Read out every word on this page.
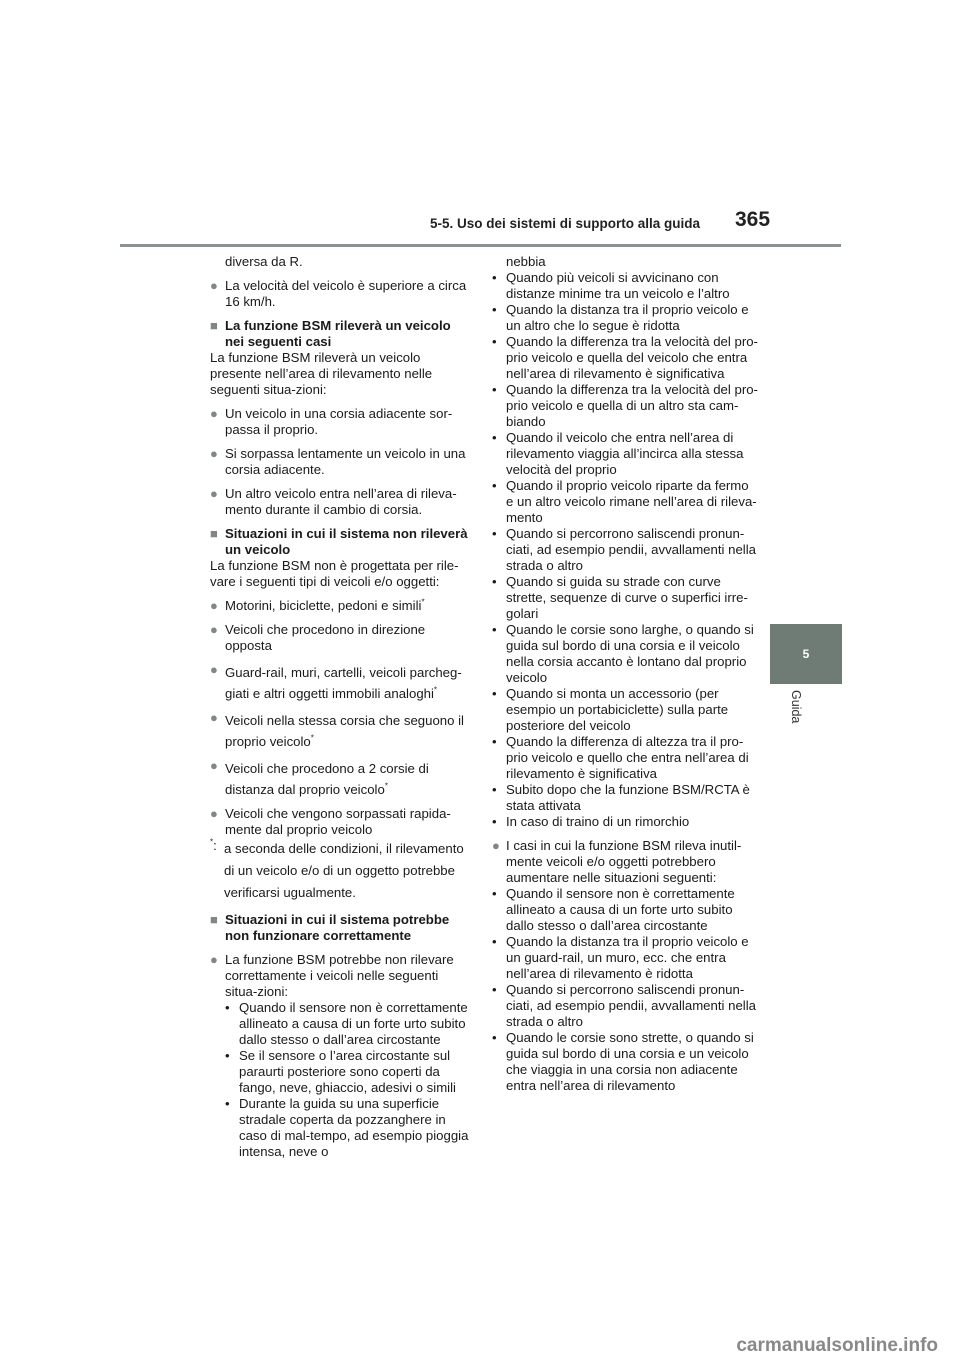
5-5. Uso dei sistemi di supporto alla guida 365
5
Guida
diversa da R.
● La velocità del veicolo è superiore a circa 16 km/h.
■ La funzione BSM rileverà un veicolo nei seguenti casi
La funzione BSM rileverà un veicolo presente nell’area di rilevamento nelle seguenti situa-zioni:
● Un veicolo in una corsia adiacente sor-passa il proprio.
● Si sorpassa lentamente un veicolo in una corsia adiacente.
● Un altro veicolo entra nell’area di rileva-mento durante il cambio di corsia.
■ Situazioni in cui il sistema non rileverà un veicolo
La funzione BSM non è progettata per rile-vare i seguenti tipi di veicoli e/o oggetti:
● Motorini, biciclette, pedoni e simili*
● Veicoli che procedono in direzione opposta
● Guard-rail, muri, cartelli, veicoli parcheg-giati e altri oggetti immobili analoghi*
● Veicoli nella stessa corsia che seguono il proprio veicolo*
● Veicoli che procedono a 2 corsie di distanza dal proprio veicolo*
● Veicoli che vengono sorpassati rapida-mente dal proprio veicolo
*: a seconda delle condizioni, il rilevamento di un veicolo e/o di un oggetto potrebbe verificarsi ugualmente.
■ Situazioni in cui il sistema potrebbe non funzionare correttamente
● La funzione BSM potrebbe non rilevare correttamente i veicoli nelle seguenti situa-zioni:
• Quando il sensore non è correttamente allineato a causa di un forte urto subito dallo stesso o dall’area circostante
• Se il sensore o l’area circostante sul paraurti posteriore sono coperti da fango, neve, ghiaccio, adesivi o simili
• Durante la guida su una superficie stradale coperta da pozzanghere in caso di mal-tempo, ad esempio pioggia intensa, neve o
nebbia
• Quando più veicoli si avvicinano con distanze minime tra un veicolo e l’altro
• Quando la distanza tra il proprio veicolo e un altro che lo segue è ridotta
• Quando la differenza tra la velocità del pro-prio veicolo e quella del veicolo che entra nell’area di rilevamento è significativa
• Quando la differenza tra la velocità del pro-prio veicolo e quella di un altro sta cam-biando
• Quando il veicolo che entra nell’area di rilevamento viaggia all’incirca alla stessa velocità del proprio
• Quando il proprio veicolo riparte da fermo e un altro veicolo rimane nell’area di rileva-mento
• Quando si percorrono saliscendi pronun-ciati, ad esempio pendii, avvallamenti nella strada o altro
• Quando si guida su strade con curve strette, sequenze di curve o superfici irre-golari
• Quando le corsie sono larghe, o quando si guida sul bordo di una corsia e il veicolo nella corsia accanto è lontano dal proprio veicolo
• Quando si monta un accessorio (per esempio un portabiciclette) sulla parte posteriore del veicolo
• Quando la differenza di altezza tra il pro-prio veicolo e quello che entra nell’area di rilevamento è significativa
• Subito dopo che la funzione BSM/RCTA è stata attivata
• In caso di traino di un rimorchio
● I casi in cui la funzione BSM rileva inutil-mente veicoli e/o oggetti potrebbero aumentare nelle situazioni seguenti:
• Quando il sensore non è correttamente allineato a causa di un forte urto subito dallo stesso o dall’area circostante
• Quando la distanza tra il proprio veicolo e un guard-rail, un muro, ecc. che entra nell’area di rilevamento è ridotta
• Quando si percorrono saliscendi pronun-ciati, ad esempio pendii, avvallamenti nella strada o altro
• Quando le corsie sono strette, o quando si guida sul bordo di una corsia e un veicolo che viaggia in una corsia non adiacente entra nell’area di rilevamento
carmanualsonline.info
